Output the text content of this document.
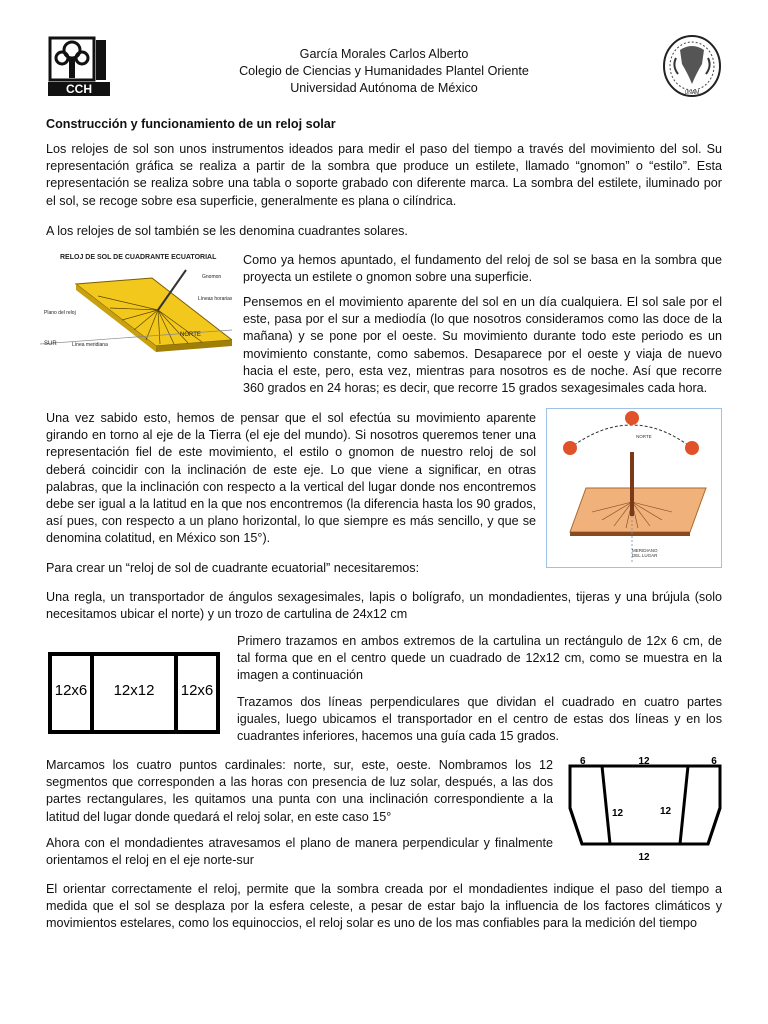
CCH	UNAM
García Morales Carlos Alberto
Colegio de Ciencias y Humanidades Plantel Oriente
Universidad Autónoma de México
Construcción y funcionamiento de un reloj solar

Los relojes de sol son unos instrumentos ideados para medir el paso del tiempo a través del movimiento del sol. Su representación gráfica se realiza a partir de la sombra que produce un estilete, llamado “gnomon” o “estilo”. Esta representación se realiza sobre una tabla o soporte grabado con diferente marca. La sombra del estilete, iluminado por el sol, se recoge sobre esa superficie, generalmente es plana o cilíndrica.

A los relojes de sol también se les denomina cuadrantes solares.

RELOJ DE SOL DE CUADRANTE ECUATORIAL
Gnomon
Líneas horarias
Plano del reloj
SUR
NORTE
Línea meridiana

Como ya hemos apuntado, el fundamento del reloj de sol se basa en la sombra que proyecta un estilete o gnomon sobre una superficie.

Pensemos en el movimiento aparente del sol en un día cualquiera. El sol sale por el este, pasa por el sur a mediodía (lo que nosotros consideramos como las doce de la mañana) y se pone por el oeste. Su movimiento durante todo este periodo es un movimiento constante, como sabemos. Desaparece por el oeste y viaja de nuevo hacia el este, pero, esta vez, mientras para nosotros es de noche. Así que recorre 360 grados en 24 horas; es decir, que recorre 15 grados sexagesimales cada hora.

Una vez sabido esto, hemos de pensar que el sol efectúa su movimiento aparente girando en torno al eje de la Tierra (el eje del mundo). Si nosotros queremos tener una representación fiel de este movimiento, el estilo o gnomon de nuestro reloj de sol deberá coincidir con la inclinación de este eje. Lo que viene a significar, en otras palabras, que la inclinación con respecto a la vertical del lugar donde nos encontremos debe ser igual a la latitud en la que nos encontremos (la diferencia hasta los 90 grados, así pues, con respecto a un plano horizontal, lo que siempre es más sencillo, y que se denomina colatitud, en México son 15°).

NORTE
MERIDIANO
DEL LUGAR

Para crear un “reloj de sol de cuadrante ecuatorial” necesitaremos:

Una regla, un transportador de ángulos sexagesimales, lapis o bolígrafo, un mondadientes, tijeras y una brújula (solo necesitamos ubicar el norte) y un trozo de cartulina de 24x12 cm

12x6 12x12 12x6

Primero trazamos en ambos extremos de la cartulina un rectángulo de 12x 6 cm, de tal forma que en el centro quede un cuadrado de 12x12 cm, como se muestra en la imagen a continuación

Trazamos dos líneas perpendiculares que dividan el cuadrado en cuatro partes iguales, luego ubicamos el transportador en el centro de estas dos líneas y en los cuadrantes inferiores, hacemos una guía cada 15 grados.

Marcamos los cuatro puntos cardinales: norte, sur, este, oeste. Nombramos los 12 segmentos que corresponden a las horas con presencia de luz solar, después, a las dos partes rectangulares, les quitamos una punta con una inclinación correspondiente a la latitud del lugar donde quedará el reloj solar, en este caso 15°

6	12	6
12	12
12

Ahora con el mondadientes atravesamos el plano de manera perpendicular y finalmente orientamos el reloj en el eje norte-sur

El orientar correctamente el reloj, permite que la sombra creada por el mondadientes indique el paso del tiempo a medida que el sol se desplaza por la esfera celeste, a pesar de estar bajo la influencia de los factores climáticos y movimientos estelares, como los equinoccios, el reloj solar es uno de los mas confiables para la medición del tiempo
